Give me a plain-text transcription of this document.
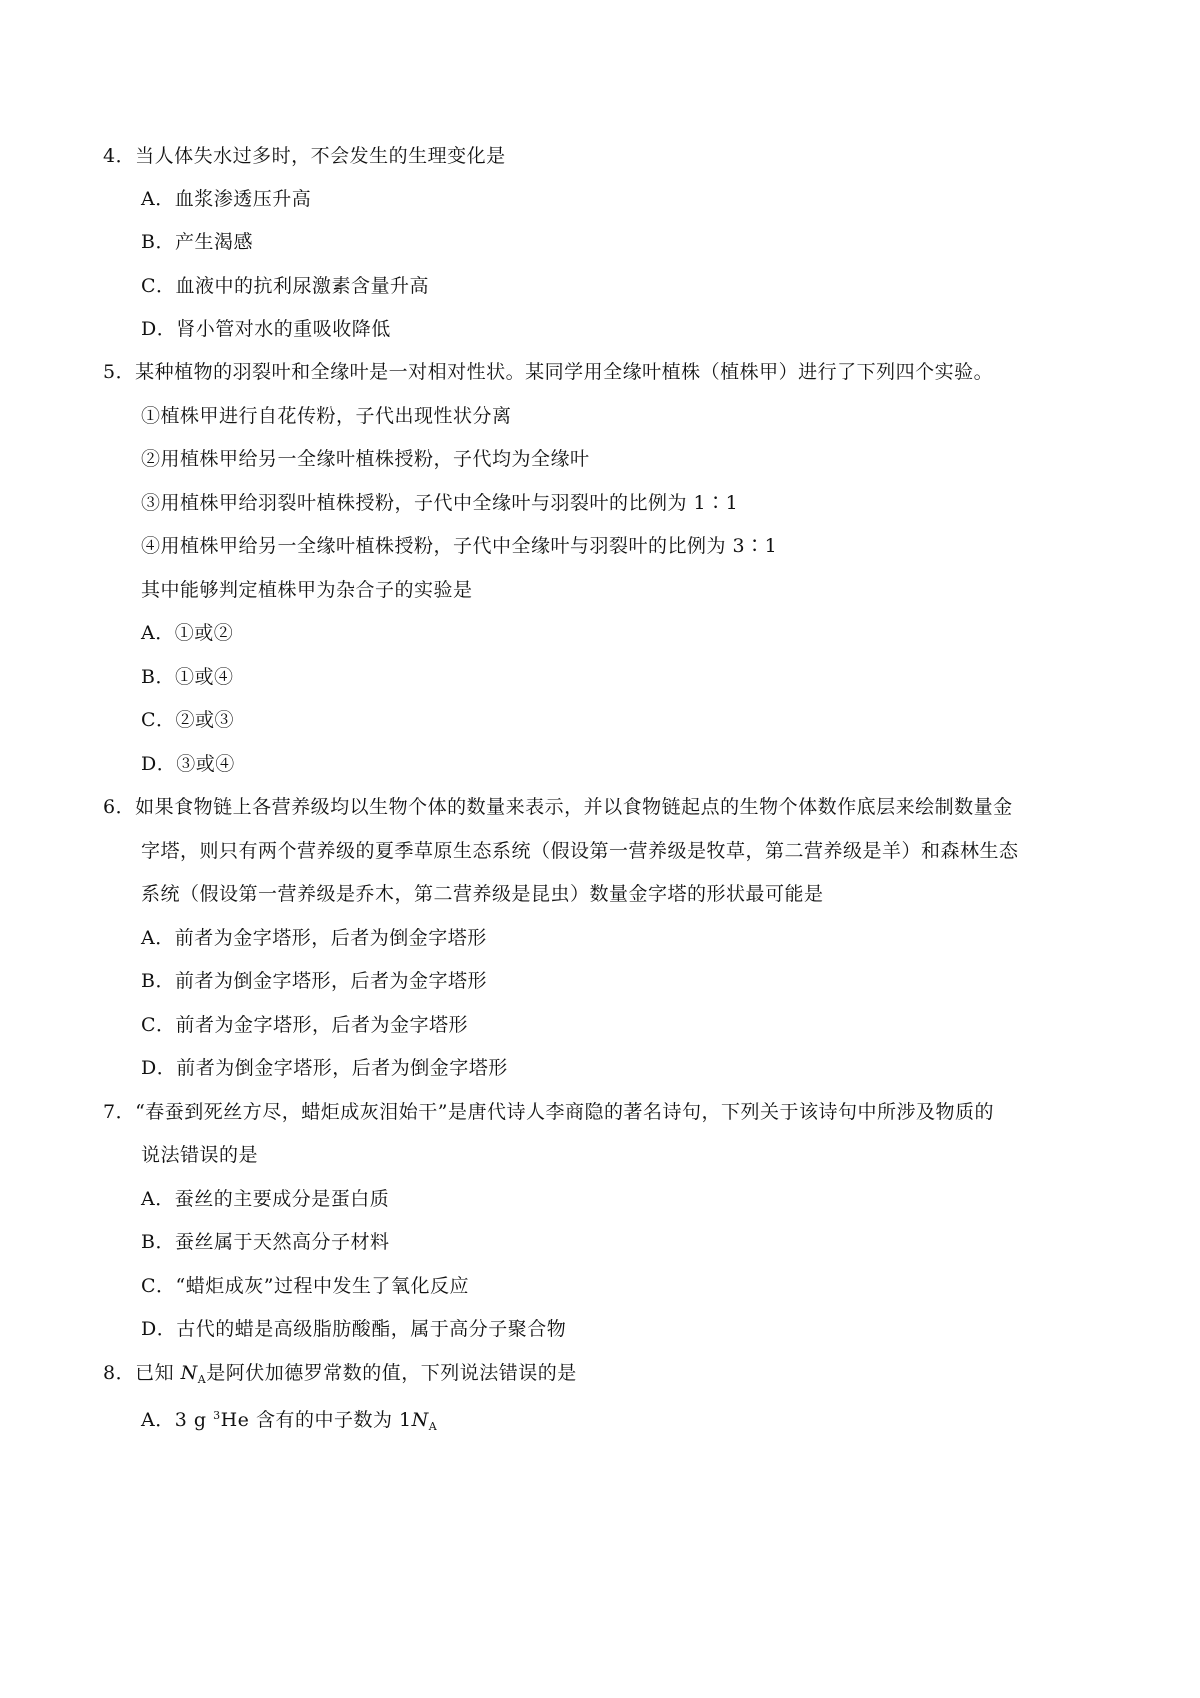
4．当人体失水过多时，不会发生的生理变化是
A．血浆渗透压升高
B．产生渴感
C．血液中的抗利尿激素含量升高
D．肾小管对水的重吸收降低
5．某种植物的羽裂叶和全缘叶是一对相对性状。某同学用全缘叶植株（植株甲）进行了下列四个实验。
①植株甲进行自花传粉，子代出现性状分离
②用植株甲给另一全缘叶植株授粉，子代均为全缘叶
③用植株甲给羽裂叶植株授粉，子代中全缘叶与羽裂叶的比例为 1∶1
④用植株甲给另一全缘叶植株授粉，子代中全缘叶与羽裂叶的比例为 3∶1
其中能够判定植株甲为杂合子的实验是
A．①或②
B．①或④
C．②或③
D．③或④
6．如果食物链上各营养级均以生物个体的数量来表示，并以食物链起点的生物个体数作底层来绘制数量金
字塔，则只有两个营养级的夏季草原生态系统（假设第一营养级是牧草，第二营养级是羊）和森林生态
系统（假设第一营养级是乔木，第二营养级是昆虫）数量金字塔的形状最可能是
A．前者为金字塔形，后者为倒金字塔形
B．前者为倒金字塔形，后者为金字塔形
C．前者为金字塔形，后者为金字塔形
D．前者为倒金字塔形，后者为倒金字塔形
7．“春蚕到死丝方尽，蜡炬成灰泪始干”是唐代诗人李商隐的著名诗句，下列关于该诗句中所涉及物质的
说法错误的是
A．蚕丝的主要成分是蛋白质
B．蚕丝属于天然高分子材料
C．“蜡炬成灰”过程中发生了氧化反应
D．古代的蜡是高级脂肪酸酯，属于高分子聚合物
8．已知 $N_A$是阿伏加德罗常数的值，下列说法错误的是
A．3 g $^3$He 含有的中子数为 $1N_A$
